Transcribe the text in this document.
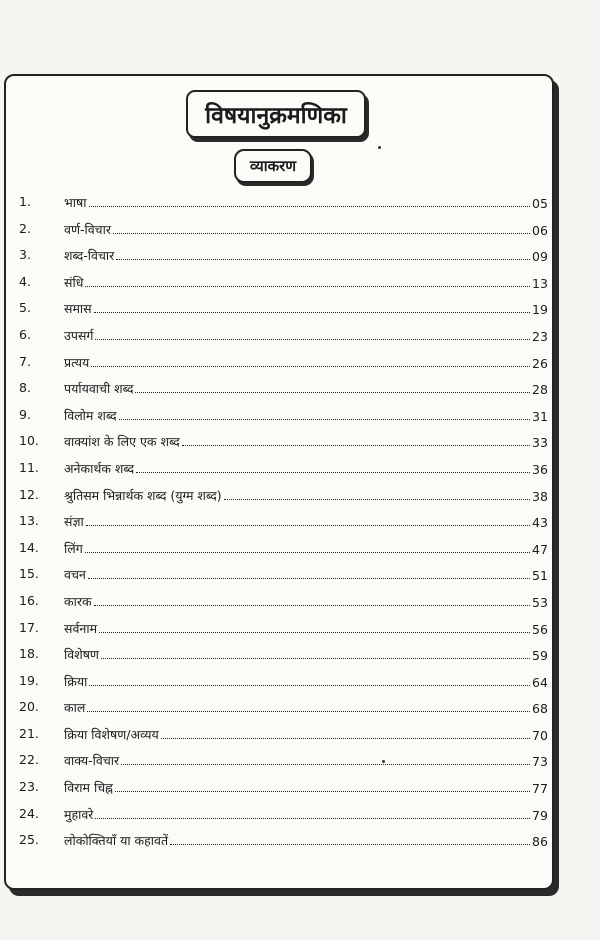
विषयानुक्रमणिका
व्याकरण
1.	भाषा	05
2.	वर्ण-विचार	06
3.	शब्द-विचार	09
4.	संधि	13
5.	समास	19
6.	उपसर्ग	23
7.	प्रत्यय	26
8.	पर्यायवाची शब्द	28
9.	विलोम शब्द	31
10.	वाक्यांश के लिए एक शब्द	33
11.	अनेकार्थक शब्द	36
12.	श्रुतिसम भिन्नार्थक शब्द (युग्म शब्द)	38
13.	संज्ञा	43
14.	लिंग	47
15.	वचन	51
16.	कारक	53
17.	सर्वनाम	56
18.	विशेषण	59
19.	क्रिया	64
20.	काल	68
21.	क्रिया विशेषण/अव्यय	70
22.	वाक्य-विचार	73
23.	विराम चिह्न	77
24.	मुहावरे	79
25.	लोकोक्तियाँ या कहावतें	86
